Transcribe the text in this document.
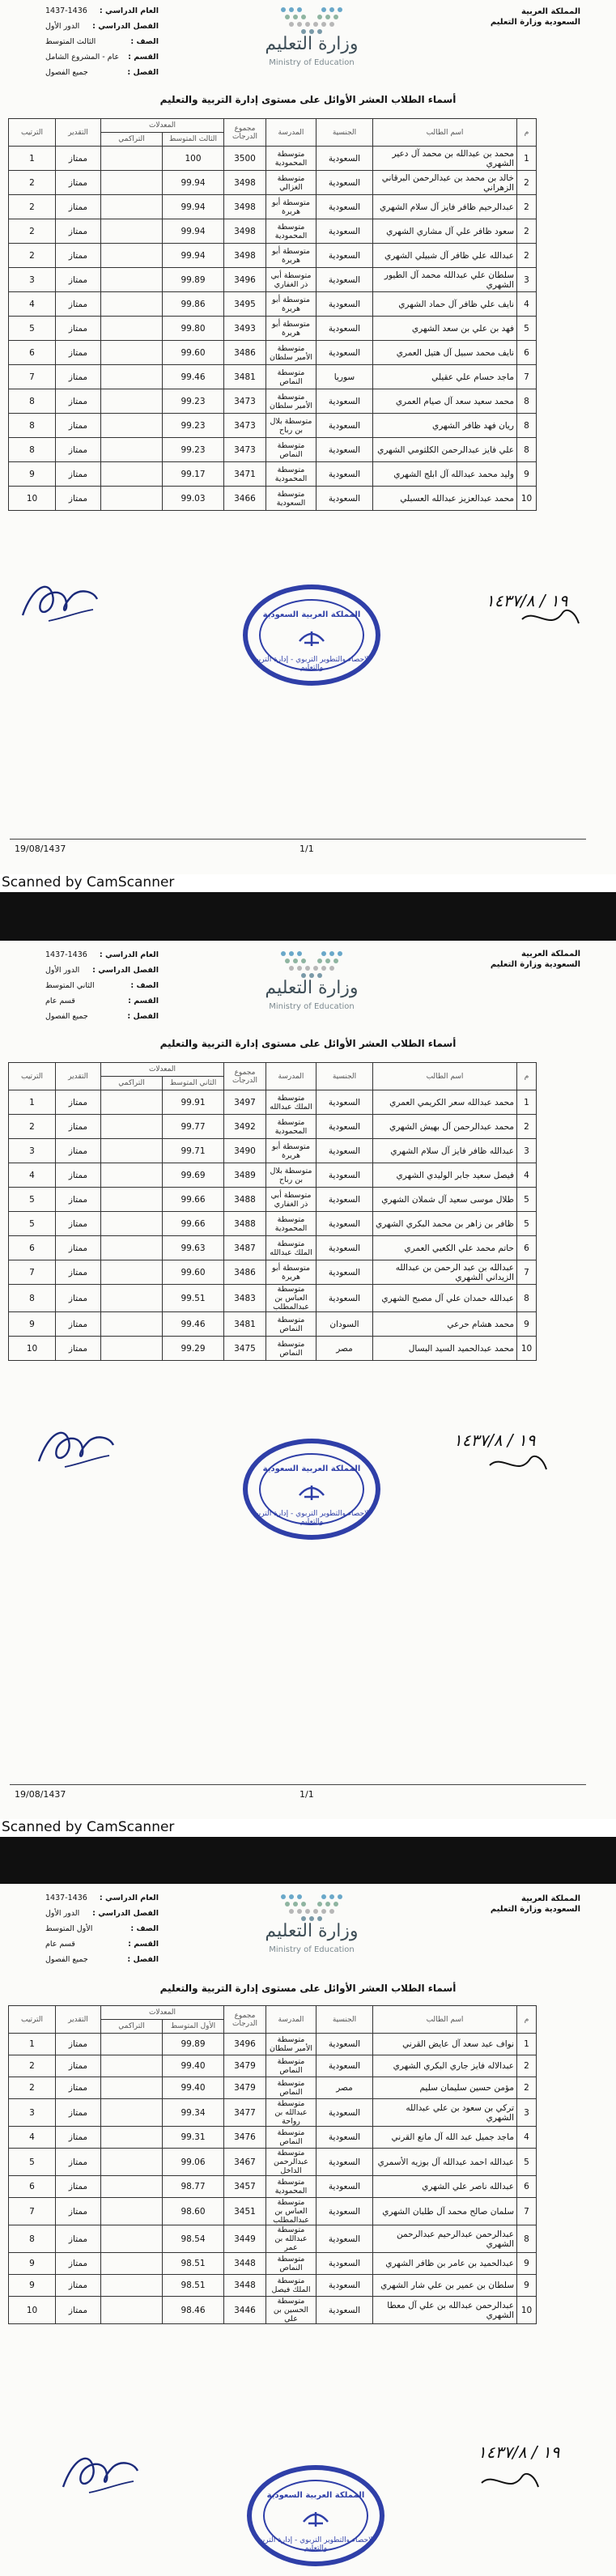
المملكة العربية السعودية وزارة التعليم
العام الدراسي :
1437-1436
الفصل الدراسي :
الدور الأول
الصف :
الثالث المتوسط
القسم :
عام - المشروع الشامل
الفصل :
جميع الفصول
وزارة التعليم
Ministry of Education
أسماء الطلاب العشر الأوائل على مستوى إدارة التربية والتعليم
م	اسم الطالب	الجنسية	المدرسة	مجموع الدرجات	المعدلات		التقدير	الترتيب
					الثالث المتوسط	التراكمي		
1	محمد بن عبدالله بن محمد آل دعير الشهري	السعودية	متوسطة المحمودية	3500	100		ممتاز	1
2	خالد بن محمد بن عبدالرحمن البرقاني الزهراني	السعودية	متوسطة الغزالي	3498	99.94		ممتاز	2
2	عبدالرحيم ظافر فايز آل سلام الشهري	السعودية	متوسطة أبو هريرة	3498	99.94		ممتاز	2
2	سعود ظافر علي آل مشاري الشهري	السعودية	متوسطة المحمودية	3498	99.94		ممتاز	2
2	عبدالله علي ظافر آل شبيلي الشهري	السعودية	متوسطة أبو هريرة	3498	99.94		ممتاز	2
3	سلطان علي عبدالله محمد آل الطيور الشهري	السعودية	متوسطة أبي ذر الغفاري	3496	99.89		ممتاز	3
4	نايف علي ظافر آل حماد الشهري	السعودية	متوسطة أبو هريرة	3495	99.86		ممتاز	4
5	فهد بن علي بن سعد الشهري	السعودية	متوسطة أبو هريرة	3493	99.80		ممتاز	5
6	نايف محمد سبيل آل هتيل العمري	السعودية	متوسطة الأمير سلطان	3486	99.60		ممتاز	6
7	ماجد حسام علي عقيلي	سوريا	متوسطة النماص	3481	99.46		ممتاز	7
8	محمد سعيد سعد آل صيام العمري	السعودية	متوسطة الأمير سلطان	3473	99.23		ممتاز	8
8	ريان فهد ظافر الشهري	السعودية	متوسطة بلال بن رباح	3473	99.23		ممتاز	8
8	علي فايز عبدالرحمن الكلثومي الشهري	السعودية	متوسطة النماص	3473	99.23		ممتاز	8
9	وليد محمد عبدالله آل ابلج الشهري	السعودية	متوسطة المحمودية	3471	99.17		ممتاز	9
10	محمد عبدالعزيز عبدالله العسبلي	السعودية	متوسطة السعودية	3466	99.03		ممتاز	10
المملكة العربية السعودية
الإحصاء والتطوير التربوي - إدارة التربية والتعليم
١٩ / ١٤٣٧/٨
19/08/1437	1/1
Scanned by CamScanner
المملكة العربية السعودية وزارة التعليم
العام الدراسي :
1437-1436
الفصل الدراسي :
الدور الأول
الصف :
الثاني المتوسط
القسم :
قسم عام
الفصل :
جميع الفصول
وزارة التعليم
Ministry of Education
أسماء الطلاب العشر الأوائل على مستوى إدارة التربية والتعليم
م	اسم الطالب	الجنسية	المدرسة	مجموع الدرجات	المعدلات		التقدير	الترتيب
					الثاني المتوسط	التراكمي		
1	محمد عبدالله سعر الكريمي العمري	السعودية	متوسطة الملك عبدالله	3497	99.91		ممتاز	1
2	محمد عبدالرحمن آل بهيش الشهري	السعودية	متوسطة المحمودية	3492	99.77		ممتاز	2
3	عبدالله ظافر فايز آل سلام الشهري	السعودية	متوسطة أبو هريرة	3490	99.71		ممتاز	3
4	فيصل سعيد جابر الوليدي الشهري	السعودية	متوسطة بلال بن رباح	3489	99.69		ممتاز	4
5	طلال موسى سعيد آل شملان الشهري	السعودية	متوسطة أبي ذر الغفاري	3488	99.66		ممتاز	5
5	ظافر بن زاهر بن محمد البكري الشهري	السعودية	متوسطة المحمودية	3488	99.66		ممتاز	5
6	حاتم محمد علي الكعبي العمري	السعودية	متوسطة الملك عبدالله	3487	99.63		ممتاز	6
7	عبدالله بن عبد الرحمن بن عبدالله الزيداني الشهري	السعودية	متوسطة أبو هريرة	3486	99.60		ممتاز	7
8	عبدالله حمدان علي آل مصبح الشهري	السعودية	متوسطة العباس بن عبدالمطلب	3483	99.51		ممتاز	8
9	محمد هشام حرعي	السودان	متوسطة النماص	3481	99.46		ممتاز	9
10	محمد عبدالحميد السيد البسال	مصر	متوسطة النماص	3475	99.29		ممتاز	10
المملكة العربية السعودية
الإحصاء والتطوير التربوي - إدارة التربية والتعليم
١٩ / ١٤٣٧/٨
19/08/1437	1/1
Scanned by CamScanner
المملكة العربية السعودية وزارة التعليم
العام الدراسي :
1437-1436
الفصل الدراسي :
الدور الأول
الصف :
الأول المتوسط
القسم :
قسم عام
الفصل :
جميع الفصول
وزارة التعليم
Ministry of Education
أسماء الطلاب العشر الأوائل على مستوى إدارة التربية والتعليم
م	اسم الطالب	الجنسية	المدرسة	مجموع الدرجات	المعدلات		التقدير	الترتيب
					الأول المتوسط	التراكمي		
1	نواف عبد سعد آل عايض القرني	السعودية	متوسطة الأمير سلطان	3496	99.89		ممتاز	1
2	عبدالاله فايز جاري البكري الشهري	السعودية	متوسطة النماص	3479	99.40		ممتاز	2
2	مؤمن حسين سليمان سليم	مصر	متوسطة النماص	3479	99.40		ممتاز	2
3	تركي بن سعود بن علي عبدالله الشهري	السعودية	متوسطة عبدالله بن رواحة	3477	99.34		ممتاز	3
4	ماجد جميل عبد الله آل مانع القرني	السعودية	متوسطة النماص	3476	99.31		ممتاز	4
5	عبدالله احمد عبدالله آل بوزيه الأسمري	السعودية	متوسطة عبدالرحمن الداخل	3467	99.06		ممتاز	5
6	عبدالله ناصر علي الشهري	السعودية	متوسطة المحمودية	3457	98.77		ممتاز	6
7	سلمان صالح محمد آل طلبان الشهري	السعودية	متوسطة العباس بن عبدالمطلب	3451	98.60		ممتاز	7
8	عبدالرحمن عبدالرحيم عبدالرحمن الشهري	السعودية	متوسطة عبدالله بن عمر	3449	98.54		ممتاز	8
9	عبدالحميد بن عامر بن ظافر الشهري	السعودية	متوسطة النماص	3448	98.51		ممتاز	9
9	سلطان بن عمير بن علي شار الشهري	السعودية	متوسطة الملك فيصل	3448	98.51		ممتاز	9
10	عبدالرحمن عبدالله بن علي آل معطا الشهري	السعودية	متوسطة الحسين بن علي	3446	98.46		ممتاز	10
المملكة العربية السعودية
الإحصاء والتطوير التربوي - إدارة التربية والتعليم
١٩ / ١٤٣٧/٨
